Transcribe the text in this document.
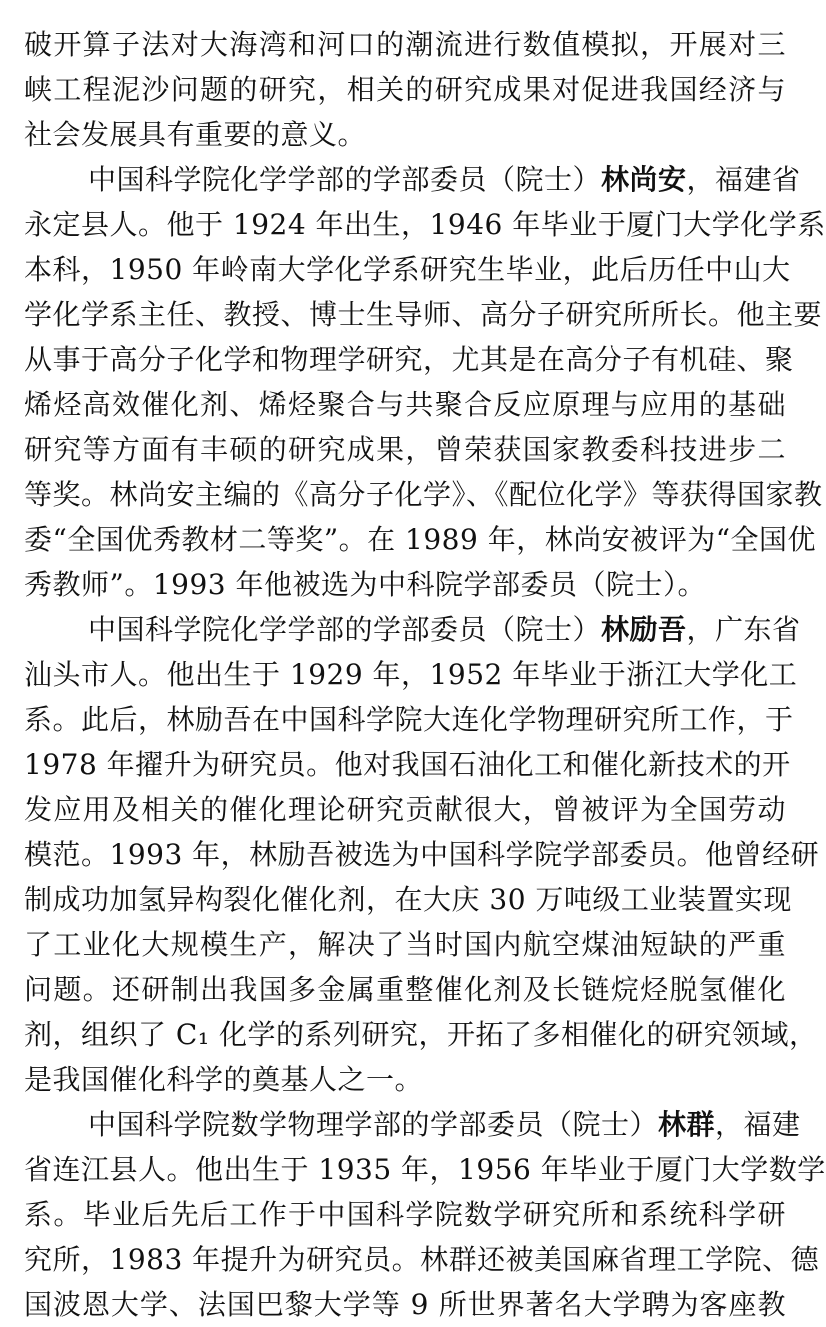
破开算子法对大海湾和河口的潮流进行数值模拟，开展对三
峡工程泥沙问题的研究，相关的研究成果对促进我国经济与
社会发展具有重要的意义。
中国科学院化学学部的学部委员（院士）林尚安，福建省
永定县人。他于 1924 年出生，1946 年毕业于厦门大学化学系
本科，1950 年岭南大学化学系研究生毕业，此后历任中山大
学化学系主任、教授、博士生导师、高分子研究所所长。他主要
从事于高分子化学和物理学研究，尤其是在高分子有机硅、聚
烯烃高效催化剂、烯烃聚合与共聚合反应原理与应用的基础
研究等方面有丰硕的研究成果，曾荣获国家教委科技进步二
等奖。林尚安主编的《高分子化学》、《配位化学》等获得国家教
委“全国优秀教材二等奖”。在 1989 年，林尚安被评为“全国优
秀教师”。1993 年他被选为中科院学部委员（院士）。
中国科学院化学学部的学部委员（院士）林励吾，广东省
汕头市人。他出生于 1929 年，1952 年毕业于浙江大学化工
系。此后，林励吾在中国科学院大连化学物理研究所工作，于
1978 年擢升为研究员。他对我国石油化工和催化新技术的开
发应用及相关的催化理论研究贡献很大，曾被评为全国劳动
模范。1993 年，林励吾被选为中国科学院学部委员。他曾经研
制成功加氢异构裂化催化剂，在大庆 30 万吨级工业装置实现
了工业化大规模生产，解决了当时国内航空煤油短缺的严重
问题。还研制出我国多金属重整催化剂及长链烷烃脱氢催化
剂，组织了 C₁ 化学的系列研究，开拓了多相催化的研究领域，
是我国催化科学的奠基人之一。
中国科学院数学物理学部的学部委员（院士）林群，福建
省连江县人。他出生于 1935 年，1956 年毕业于厦门大学数学
系。毕业后先后工作于中国科学院数学研究所和系统科学研
究所，1983 年提升为研究员。林群还被美国麻省理工学院、德
国波恩大学、法国巴黎大学等 9 所世界著名大学聘为客座教
